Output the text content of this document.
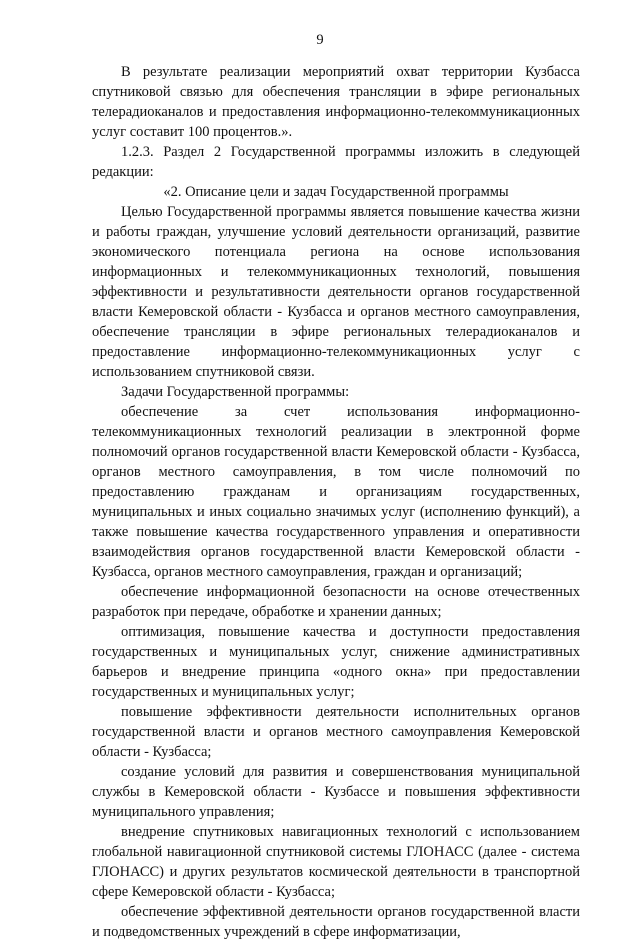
9

В результате реализации мероприятий охват территории Кузбасса спутниковой связью для обеспечения трансляции в эфире региональных телерадиоканалов и предоставления информационно-телекоммуникационных услуг составит 100 процентов.».

1.2.3. Раздел 2 Государственной программы изложить в следующей редакции:

«2. Описание цели и задач Государственной программы

Целью Государственной программы является повышение качества жизни и работы граждан, улучшение условий деятельности организаций, развитие экономического потенциала региона на основе использования информационных и телекоммуникационных технологий, повышения эффективности и результативности деятельности органов государственной власти Кемеровской области - Кузбасса и органов местного самоуправления, обеспечение трансляции в эфире региональных телерадиоканалов и предоставление информационно-телекоммуникационных услуг с использованием спутниковой связи.

Задачи Государственной программы:

обеспечение за счет использования информационно-телекоммуникационных технологий реализации в электронной форме полномочий органов государственной власти Кемеровской области - Кузбасса, органов местного самоуправления, в том числе полномочий по предоставлению гражданам и организациям государственных, муниципальных и иных социально значимых услуг (исполнению функций), а также повышение качества государственного управления и оперативности взаимодействия органов государственной власти Кемеровской области - Кузбасса, органов местного самоуправления, граждан и организаций;

обеспечение информационной безопасности на основе отечественных разработок при передаче, обработке и хранении данных;

оптимизация, повышение качества и доступности предоставления государственных и муниципальных услуг, снижение административных барьеров и внедрение принципа «одного окна» при предоставлении государственных и муниципальных услуг;

повышение эффективности деятельности исполнительных органов государственной власти и органов местного самоуправления Кемеровской области - Кузбасса;

создание условий для развития и совершенствования муниципальной службы в Кемеровской области - Кузбассе и повышения эффективности муниципального управления;

внедрение спутниковых навигационных технологий с использованием глобальной навигационной спутниковой системы ГЛОНАСС (далее - система ГЛОНАСС) и других результатов космической деятельности в транспортной сфере Кемеровской области - Кузбасса;

обеспечение эффективной деятельности органов государственной власти и подведомственных учреждений в сфере информатизации,
